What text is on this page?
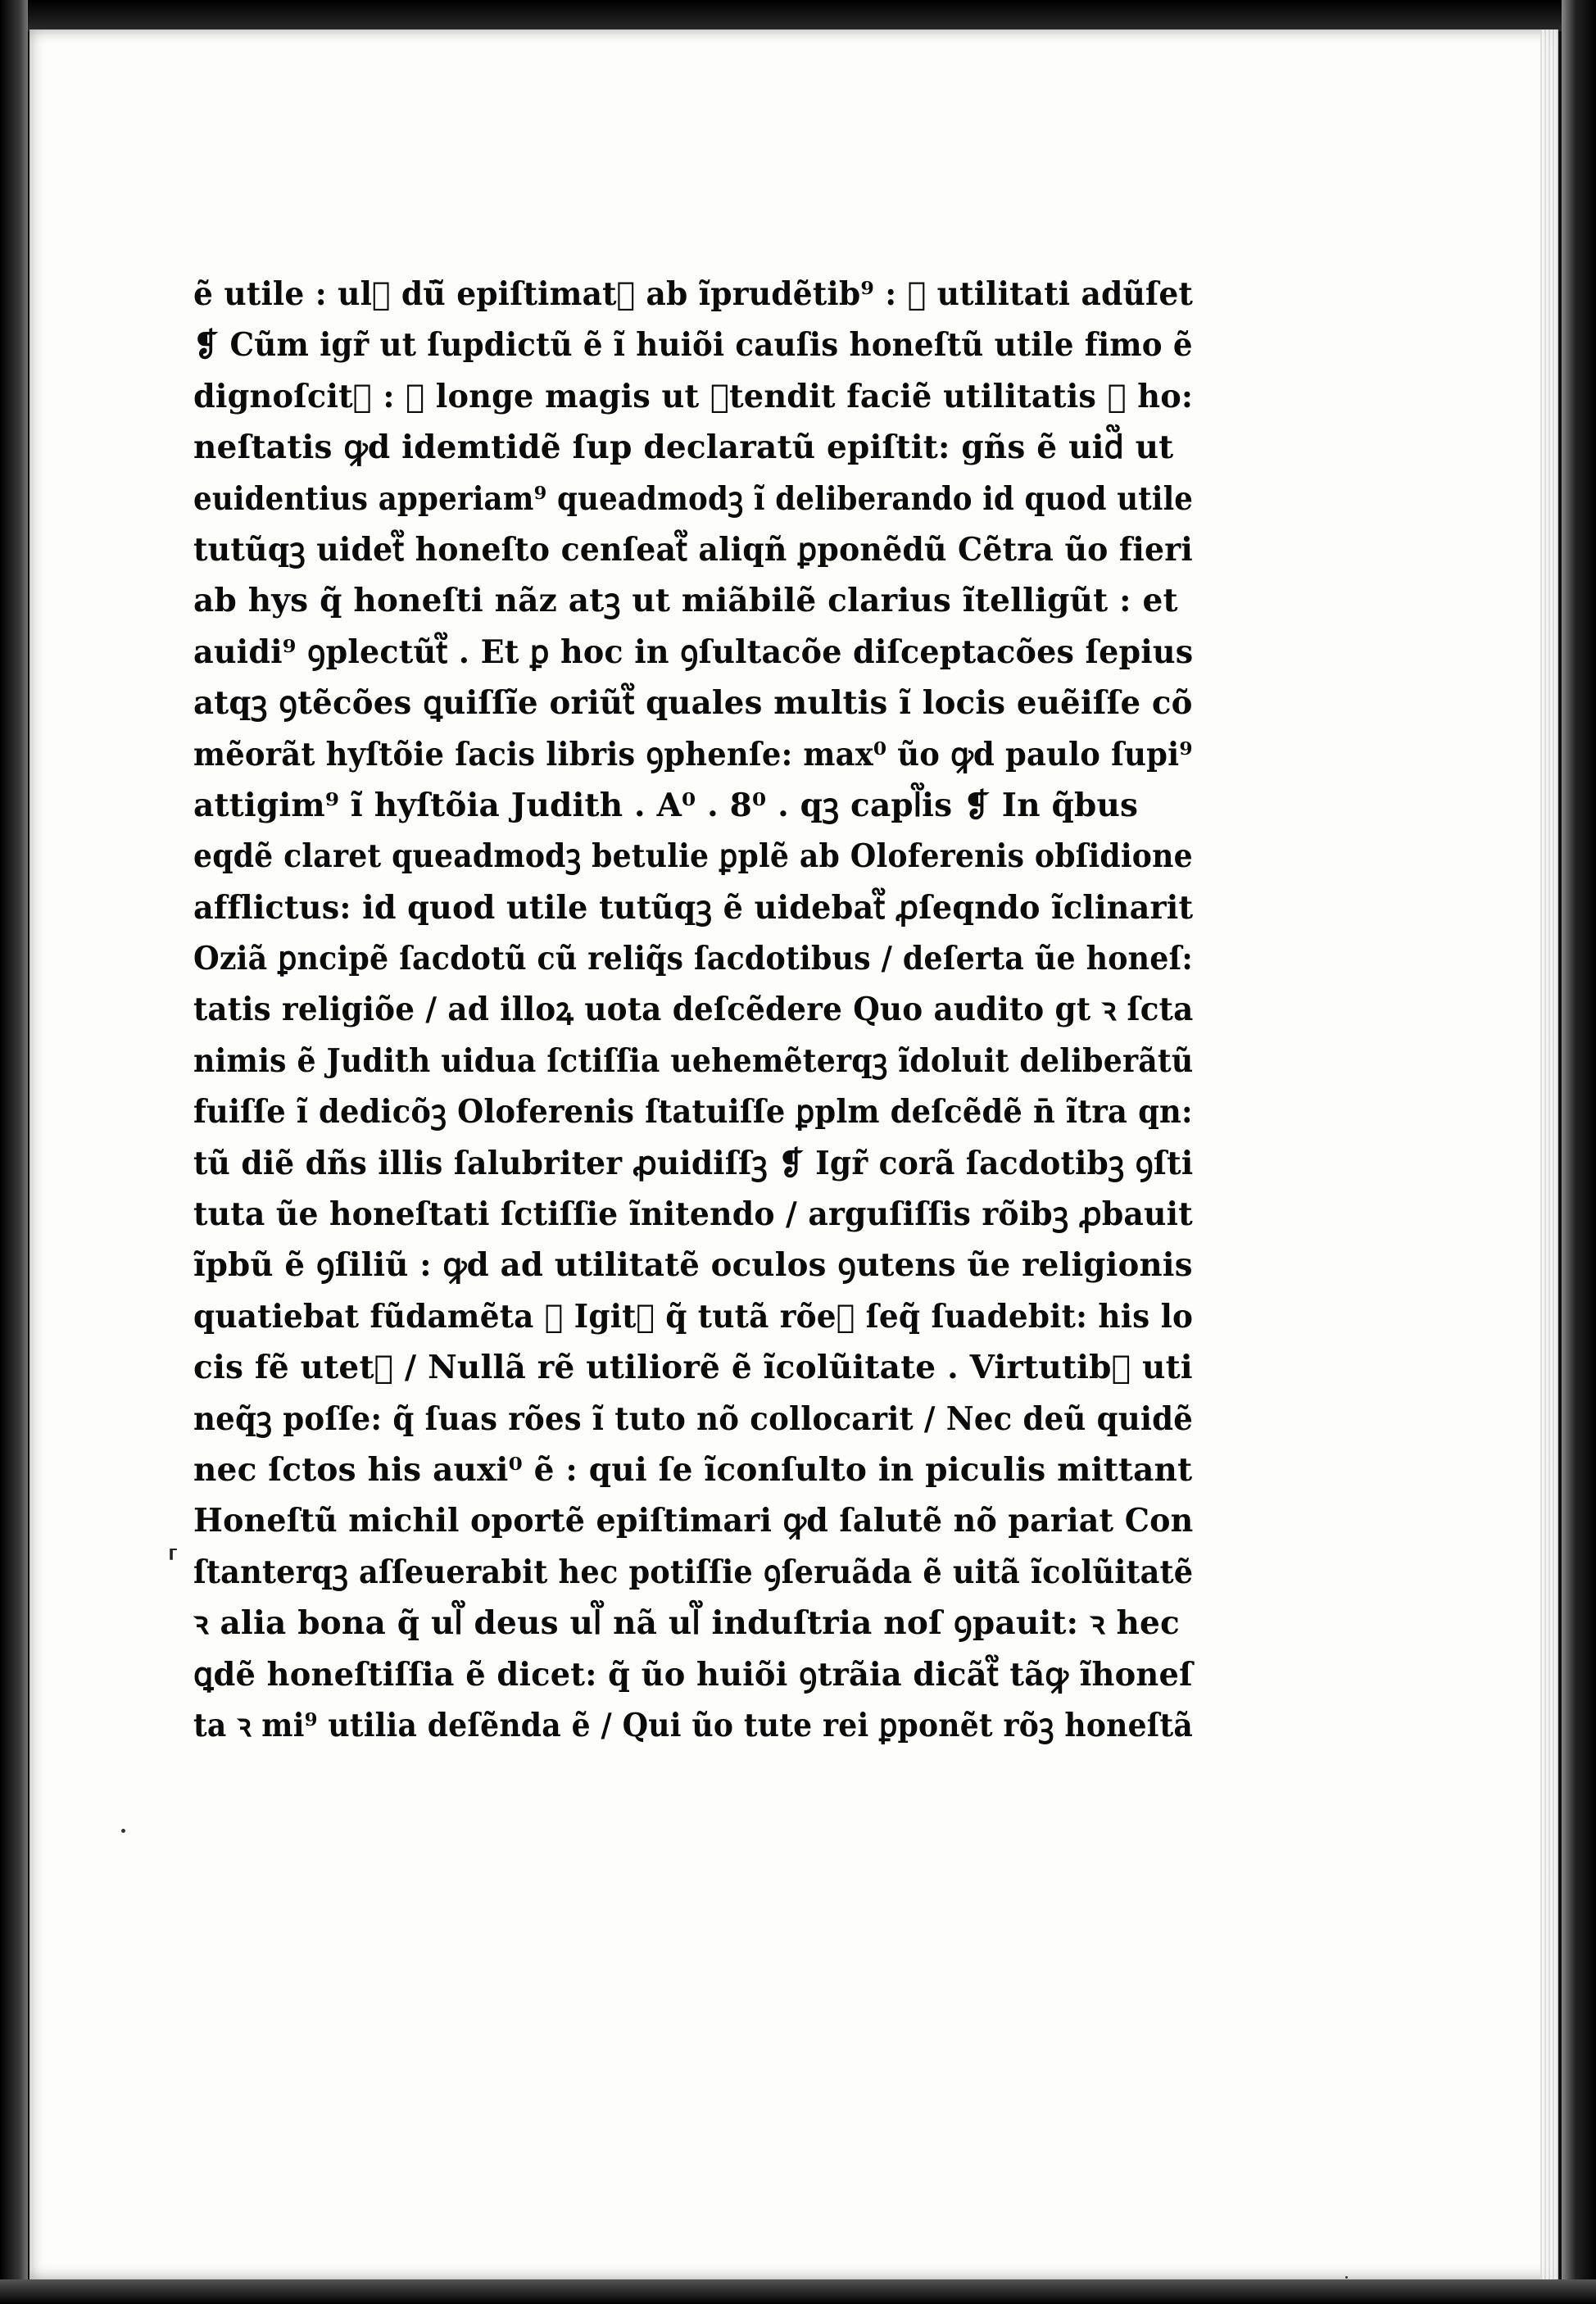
ẽ utile : ul᷑ dū̃ epiſtimat᷑ ab ĩprudẽtib⁹ : ꝙ utilitati adũſet
❡ Cũm igr̃ ut ſupdictũ ẽ ĩ huiõi cauſis honeſtũ utile fimo ẽ
dignoſcit᷑ : ꝛ longe magis ut ꝑtendit faciẽ utilitatis ꝙ ho:
neſtatis ꝙd idemtidẽ ſup declaratũ epiſtit: gñs ẽ uid᷑ ut
euidentius apperiam⁹ queadmodꝫ ĩ deliberando id quod utile
tutũqꝫ uidet᷑ honeſto cenſeat᷑ aliqñ ꝑponẽdũ Cẽtra ũo fieri
ab hys q̃ honeſti nãz atꝫ ut miãbilẽ clarius ĩtelligũt : et
auidi⁹ ꝯplectũt᷑ . Et ꝑ hoc in ꝯſultacõe diſceptacões ſepius
atqꝫ ꝯtẽcões ꝗuiſſĩe oriũt᷑ quales multis ĩ locis euẽiſſe cõ
mẽorãt hyſtõie ſacis libris ꝯphenſe: max⁰ ũo ꝙd paulo ſupi⁹
attigim⁹ ĩ hyſtõia Judith . A⁰ . 8⁰ . qꝫ capl᷑is ❡ In q̃bus
eqdẽ claret queadmodꝫ betulie ꝑplẽ ab Oloferenis obſidione
afflictus: id quod utile tutũqꝫ ẽ uidebat᷑ ꝓſeqndo ĩclinarit
Oziã ꝑncipẽ ſacdotũ cũ reliq̃s ſacdotibus / deſerta ũe honeſ:
tatis religiõe / ad illoꝝ uota deſcẽdere Quo audito gt ꝛ ſcta
nimis ẽ Judith uidua ſctiſſia uehemẽterqꝫ ĩdoluit deliberãtũ
fuiſſe ĩ dedicõꝫ Oloferenis ſtatuiſſe ꝑplm deſcẽdẽ n̄ ĩtra qn:
tũ diẽ dñs illis ſalubriter ꝓuidiſſꝫ ❡ Igr̃ corã ſacdotibꝫ ꝯſti
tuta ũe honeſtati ſctiſſie ĩnitendo / arguſiſſis rõibꝫ ꝓbauit
ĩpbũ ẽ ꝯſiliũ : ꝙd ad utilitatẽ oculos ꝯutens ũe religionis
quatiebat fũdamẽta ❡ Igit᷑ q̃ tutã rõeꝫ ſeq̃ ſuadebit: his lo
cis fẽ utet᷑ / Nullã rẽ utiliorẽ ẽ ĩcolũitate . Virtutibꝫ uti
neq̃ꝫ poſſe: q̃ ſuas rões ĩ tuto nõ collocarit / Nec deũ quidẽ
nec ſctos his auxi⁰ ẽ : qui ſe ĩconſulto in piculis mittant
Honeſtũ michil oportẽ epiſtimari ꝙd ſalutẽ nõ pariat Con
ſtanterqꝫ aſſeuerabit hec potiſſie ꝯſeruãda ẽ uitã ĩcolũitatẽ
ꝛ alia bona q̃ ul᷑ deus ul᷑ nã ul᷑ induſtria noſ ꝯpauit: ꝛ hec
ꝗdẽ honeſtiſſia ẽ dicet: q̃ ũo huiõi ꝯtrãia dicãt᷑ tãꝙ ĩhoneſ
ta ꝛ mi⁹ utilia deſẽnda ẽ / Qui ũo tute rei ꝑponẽt rõꝫ honeſtã
⸢
